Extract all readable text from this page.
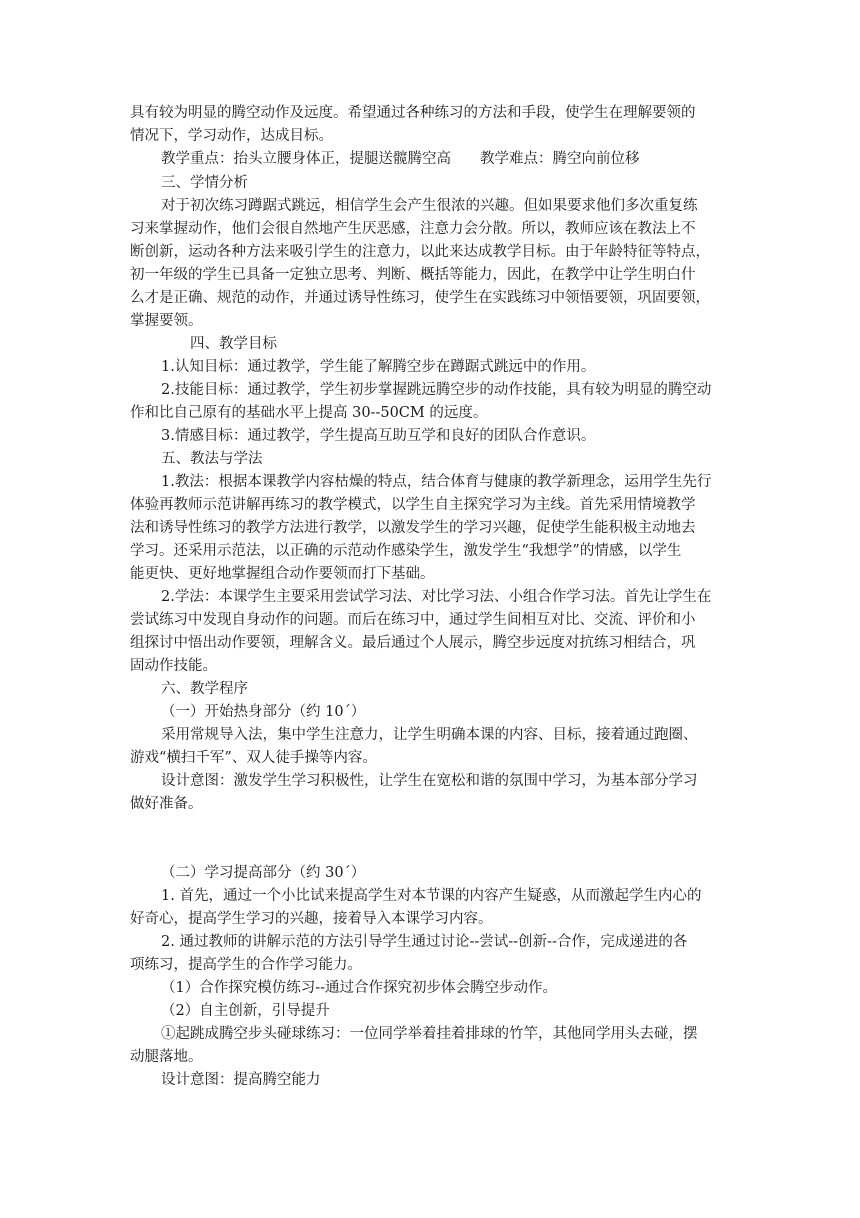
具有较为明显的腾空动作及远度。希望通过各种练习的方法和手段，使学生在理解要领的
情况下，学习动作，达成目标。
教学重点：抬头立腰身体正，提腿送髋腾空高　　教学难点：腾空向前位移
三、学情分析
对于初次练习蹲踞式跳远，相信学生会产生很浓的兴趣。但如果要求他们多次重复练
习来掌握动作，他们会很自然地产生厌恶感，注意力会分散。所以，教师应该在教法上不
断创新，运动各种方法来吸引学生的注意力，以此来达成教学目标。由于年龄特征等特点，
初一年级的学生已具备一定独立思考、判断、概括等能力，因此，在教学中让学生明白什
么才是正确、规范的动作，并通过诱导性练习，使学生在实践练习中领悟要领，巩固要领，
掌握要领。
四、教学目标
1.认知目标：通过教学，学生能了解腾空步在蹲踞式跳远中的作用。
2.技能目标：通过教学，学生初步掌握跳远腾空步的动作技能，具有较为明显的腾空动
作和比自己原有的基础水平上提高 30--50CM 的远度。
3.情感目标：通过教学，学生提高互助互学和良好的团队合作意识。
五、教法与学法
1.教法：根据本课教学内容枯燥的特点，结合体育与健康的教学新理念，运用学生先行
体验再教师示范讲解再练习的教学模式，以学生自主探究学习为主线。首先采用情境教学
法和诱导性练习的教学方法进行教学，以激发学生的学习兴趣，促使学生能积极主动地去
学习。还采用示范法，以正确的示范动作感染学生，激发学生“我想学”的情感，以学生
能更快、更好地掌握组合动作要领而打下基础。
2.学法：本课学生主要采用尝试学习法、对比学习法、小组合作学习法。首先让学生在
尝试练习中发现自身动作的问题。而后在练习中，通过学生间相互对比、交流、评价和小
组探讨中悟出动作要领，理解含义。最后通过个人展示，腾空步远度对抗练习相结合，巩
固动作技能。
六、教学程序
（一）开始热身部分（约 10´）
采用常规导入法，集中学生注意力，让学生明确本课的内容、目标，接着通过跑圈、
游戏“横扫千军”、双人徒手操等内容。
设计意图：激发学生学习积极性，让学生在宽松和谐的氛围中学习，为基本部分学习
做好准备。
（二）学习提高部分（约 30´）
1. 首先，通过一个小比试来提高学生对本节课的内容产生疑惑，从而激起学生内心的
好奇心，提高学生学习的兴趣，接着导入本课学习内容。
2. 通过教师的讲解示范的方法引导学生通过讨论--尝试--创新--合作，完成递进的各
项练习，提高学生的合作学习能力。
（1）合作探究模仿练习--通过合作探究初步体会腾空步动作。
（2）自主创新，引导提升
①起跳成腾空步头碰球练习：一位同学举着挂着排球的竹竿，其他同学用头去碰，摆
动腿落地。
设计意图：提高腾空能力
